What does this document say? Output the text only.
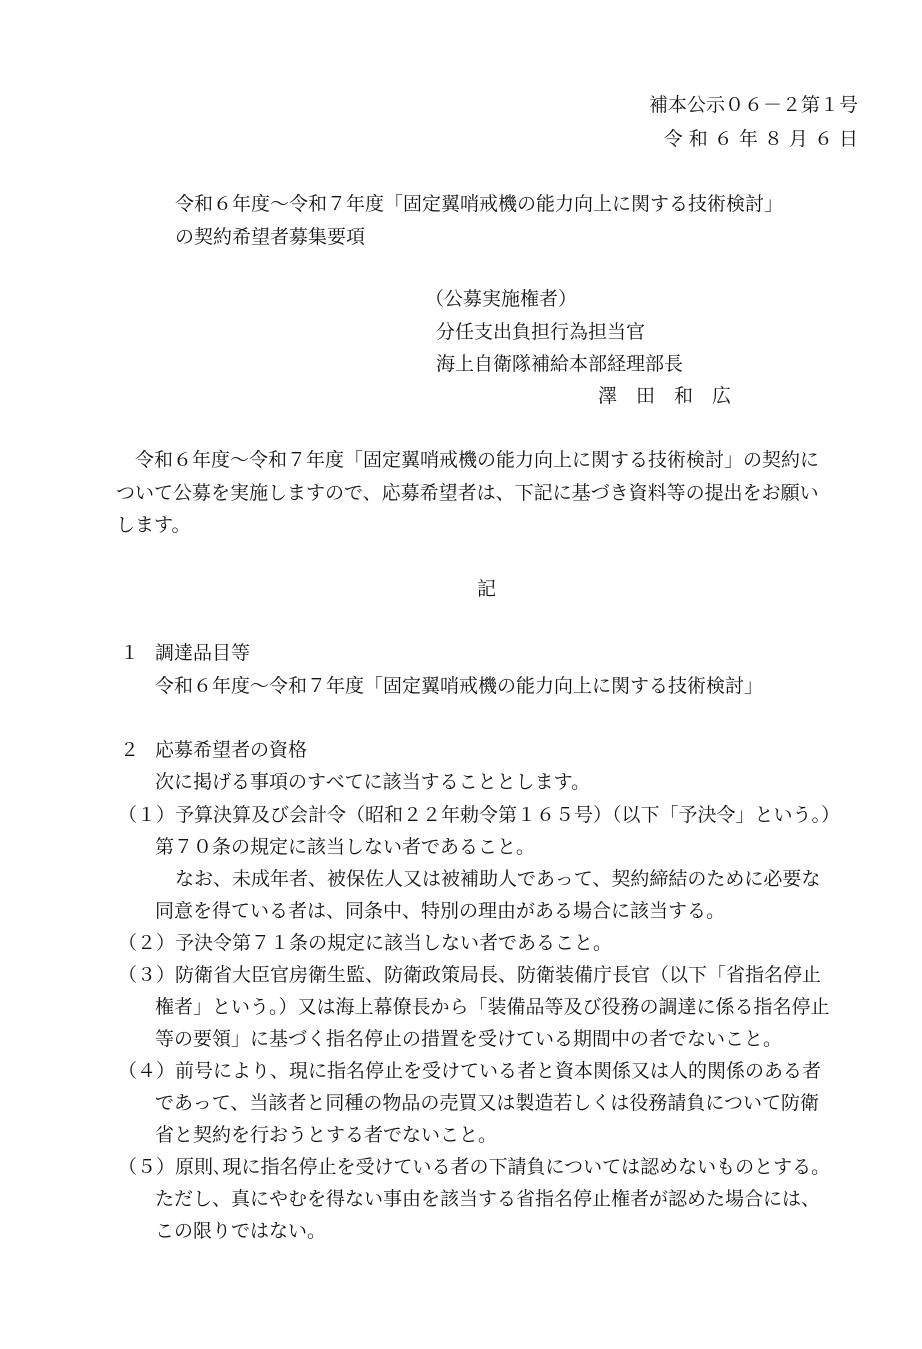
補本公示０６－２第１号
令 和 ６ 年 ８ 月 ６ 日
令和６年度～令和７年度「固定翼哨戒機の能力向上に関する技術検討」
の契約希望者募集要項
（公募実施権者）
分任支出負担行為担当官
海上自衛隊補給本部経理部長
澤　田　和　広
令和６年度～令和７年度「固定翼哨戒機の能力向上に関する技術検討」の契約に
ついて公募を実施しますので、応募希望者は、下記に基づき資料等の提出をお願い
します。
記
１ 調達品目等
令和６年度～令和７年度「固定翼哨戒機の能力向上に関する技術検討」
２ 応募希望者の資格
次に掲げる事項のすべてに該当することとします。
（１） 予算決算及び会計令（昭和２２年勅令第１６５号）（以下「予決令」という。）
第７０条の規定に該当しない者であること。
なお、未成年者、被保佐人又は被補助人であって、契約締結のために必要な
同意を得ている者は、同条中、特別の理由がある場合に該当する。
（２） 予決令第７１条の規定に該当しない者であること。
（３） 防衛省大臣官房衛生監、防衛政策局長、防衛装備庁長官（以下「省指名停止
権者」という。）又は海上幕僚長から「装備品等及び役務の調達に係る指名停止
等の要領」に基づく指名停止の措置を受けている期間中の者でないこと。
（４） 前号により、現に指名停止を受けている者と資本関係又は人的関係のある者
であって、当該者と同種の物品の売買又は製造若しくは役務請負について防衛
省と契約を行おうとする者でないこと。
（５） 原則､現に指名停止を受けている者の下請負については認めないものとする｡
ただし、真にやむを得ない事由を該当する省指名停止権者が認めた場合には、
この限りではない。
